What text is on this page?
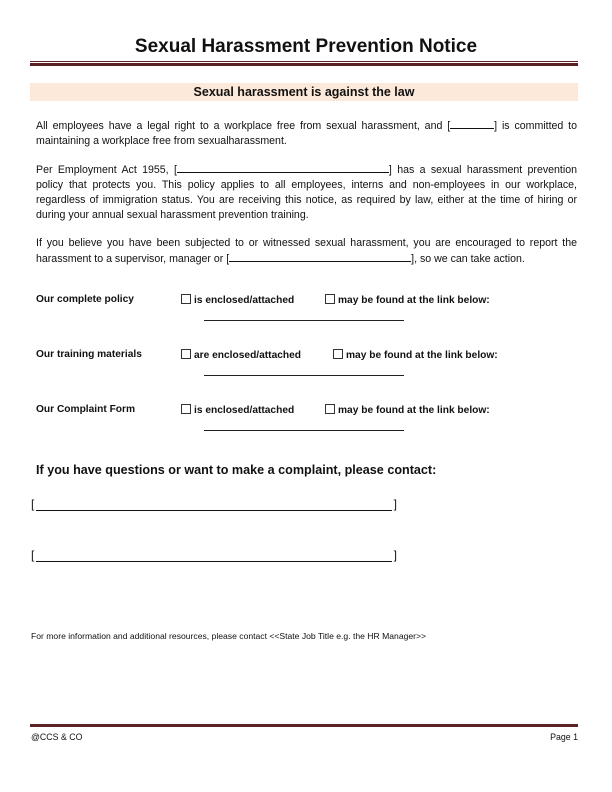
Sexual Harassment Prevention Notice
Sexual harassment is against the law
All employees have a legal right to a workplace free from sexual harassment, and [	] is committed to maintaining a workplace free from sexualharassment.
Per Employment Act 1955, [	] has a sexual harassment prevention policy that protects you. This policy applies to all employees, interns and non-employees in our workplace, regardless of immigration status. You are receiving this notice, as required by law, either at the time of hiring or during your annual sexual harassment prevention training.
If you believe you have been subjected to or witnessed sexual harassment, you are encouraged to report the harassment to a supervisor, manager or [	], so we can take action.
Our complete policy	is enclosed/attached	may be found at the link below:
Our training materials	are enclosed/attached	may be found at the link below:
Our Complaint Form	is enclosed/attached	may be found at the link below:
If you have questions or want to make a complaint, please contact:
[	]
[	]
For more information and additional resources, please contact <<State Job Title e.g. the HR Manager>>
@CCS & CO	Page 1
